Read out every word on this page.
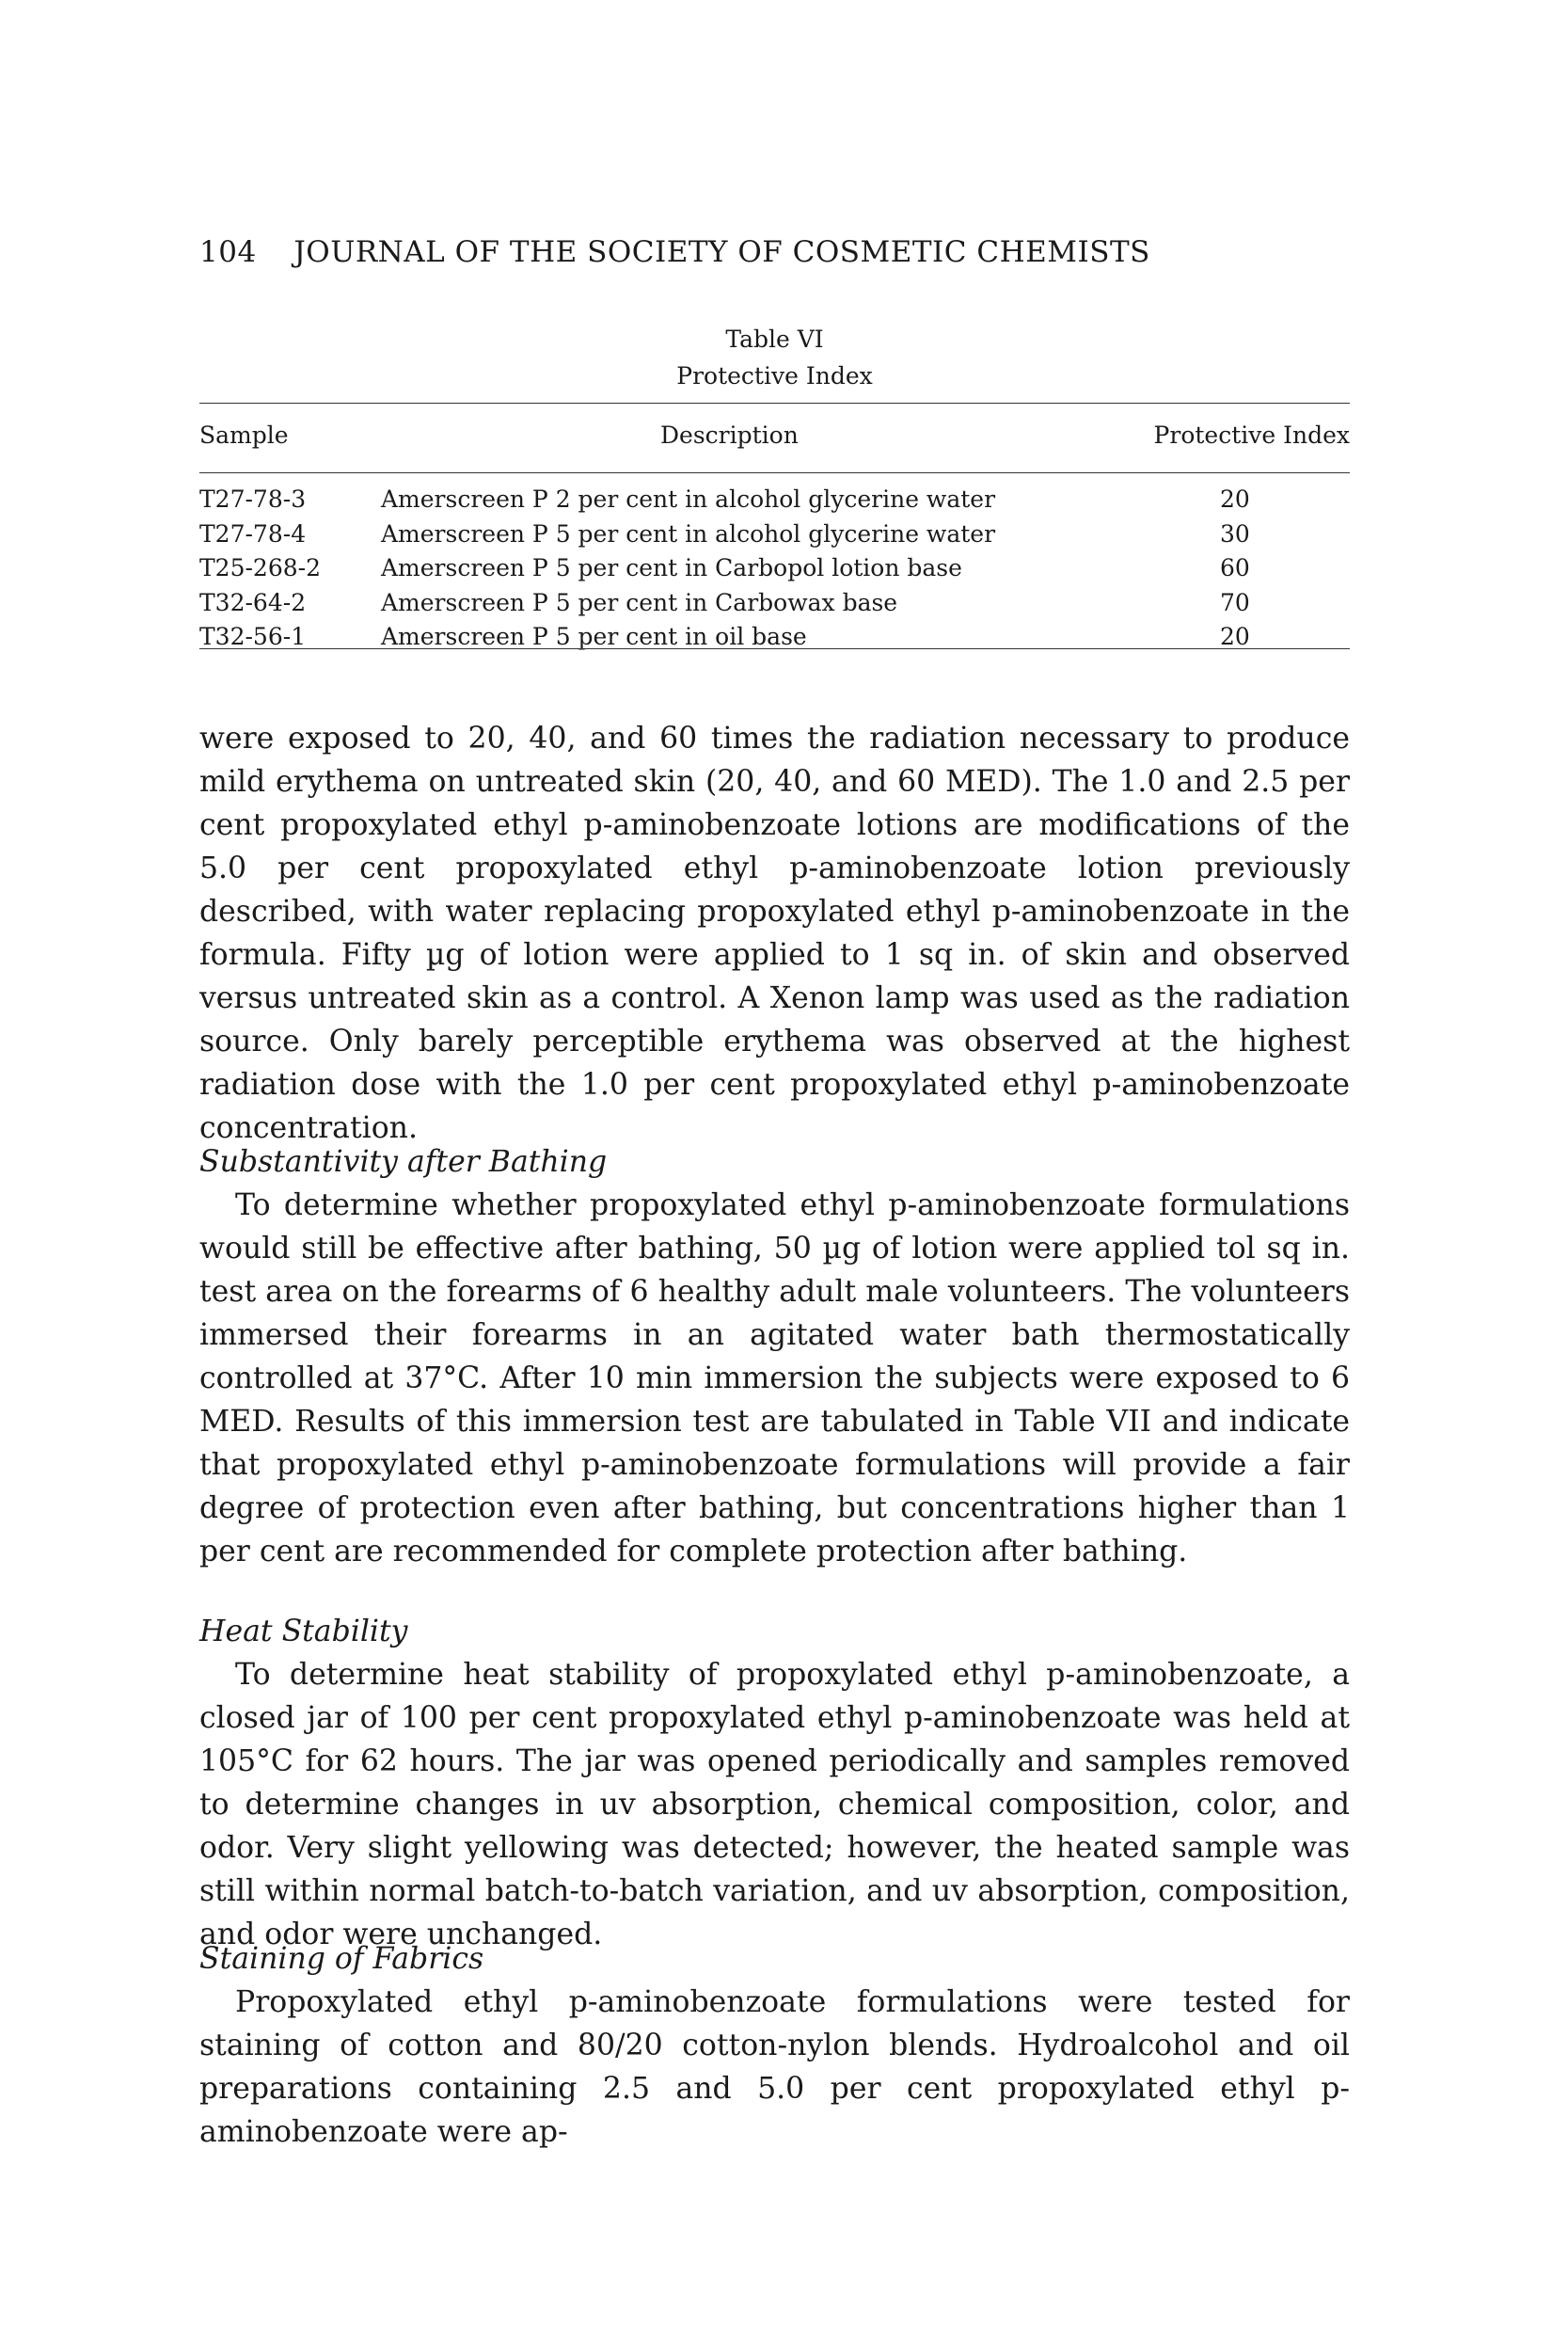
104 JOURNAL OF THE SOCIETY OF COSMETIC CHEMISTS
Table VI
Protective Index
Sample	Description	Protective Index
T27-78-3	Amerscreen P 2 per cent in alcohol glycerine water	20
T27-78-4	Amerscreen P 5 per cent in alcohol glycerine water	30
T25-268-2	Amerscreen P 5 per cent in Carbopol lotion base	60
T32-64-2	Amerscreen P 5 per cent in Carbowax base	70
T32-56-1	Amerscreen P 5 per cent in oil base	20

were exposed to 20, 40, and 60 times the radiation necessary to produce mild erythema on untreated skin (20, 40, and 60 MED). The 1.0 and 2.5 per cent propoxylated ethyl p-aminobenzoate lotions are modifications of the 5.0 per cent propoxylated ethyl p-aminobenzoate lotion previously described, with water replacing propoxylated ethyl p-aminobenzoate in the formula. Fifty µg of lotion were applied to 1 sq in. of skin and observed versus untreated skin as a control. A Xenon lamp was used as the radiation source. Only barely perceptible erythema was observed at the highest radiation dose with the 1.0 per cent propoxylated ethyl p-aminobenzoate concentration.

Substantivity after Bathing

To determine whether propoxylated ethyl p-aminobenzoate formulations would still be effective after bathing, 50 µg of lotion were applied tol sq in. test area on the forearms of 6 healthy adult male volunteers. The volunteers immersed their forearms in an agitated water bath thermostatically controlled at 37°C. After 10 min immersion the subjects were exposed to 6 MED. Results of this immersion test are tabulated in Table VII and indicate that propoxylated ethyl p-aminobenzoate formulations will provide a fair degree of protection even after bathing, but concentrations higher than 1 per cent are recommended for complete protection after bathing.

Heat Stability

To determine heat stability of propoxylated ethyl p-aminobenzoate, a closed jar of 100 per cent propoxylated ethyl p-aminobenzoate was held at 105°C for 62 hours. The jar was opened periodically and samples removed to determine changes in uv absorption, chemical composition, color, and odor. Very slight yellowing was detected; however, the heated sample was still within normal batch-to-batch variation, and uv absorption, composition, and odor were unchanged.

Staining of Fabrics

Propoxylated ethyl p-aminobenzoate formulations were tested for staining of cotton and 80/20 cotton-nylon blends. Hydroalcohol and oil preparations containing 2.5 and 5.0 per cent propoxylated ethyl p-aminobenzoate were ap-
